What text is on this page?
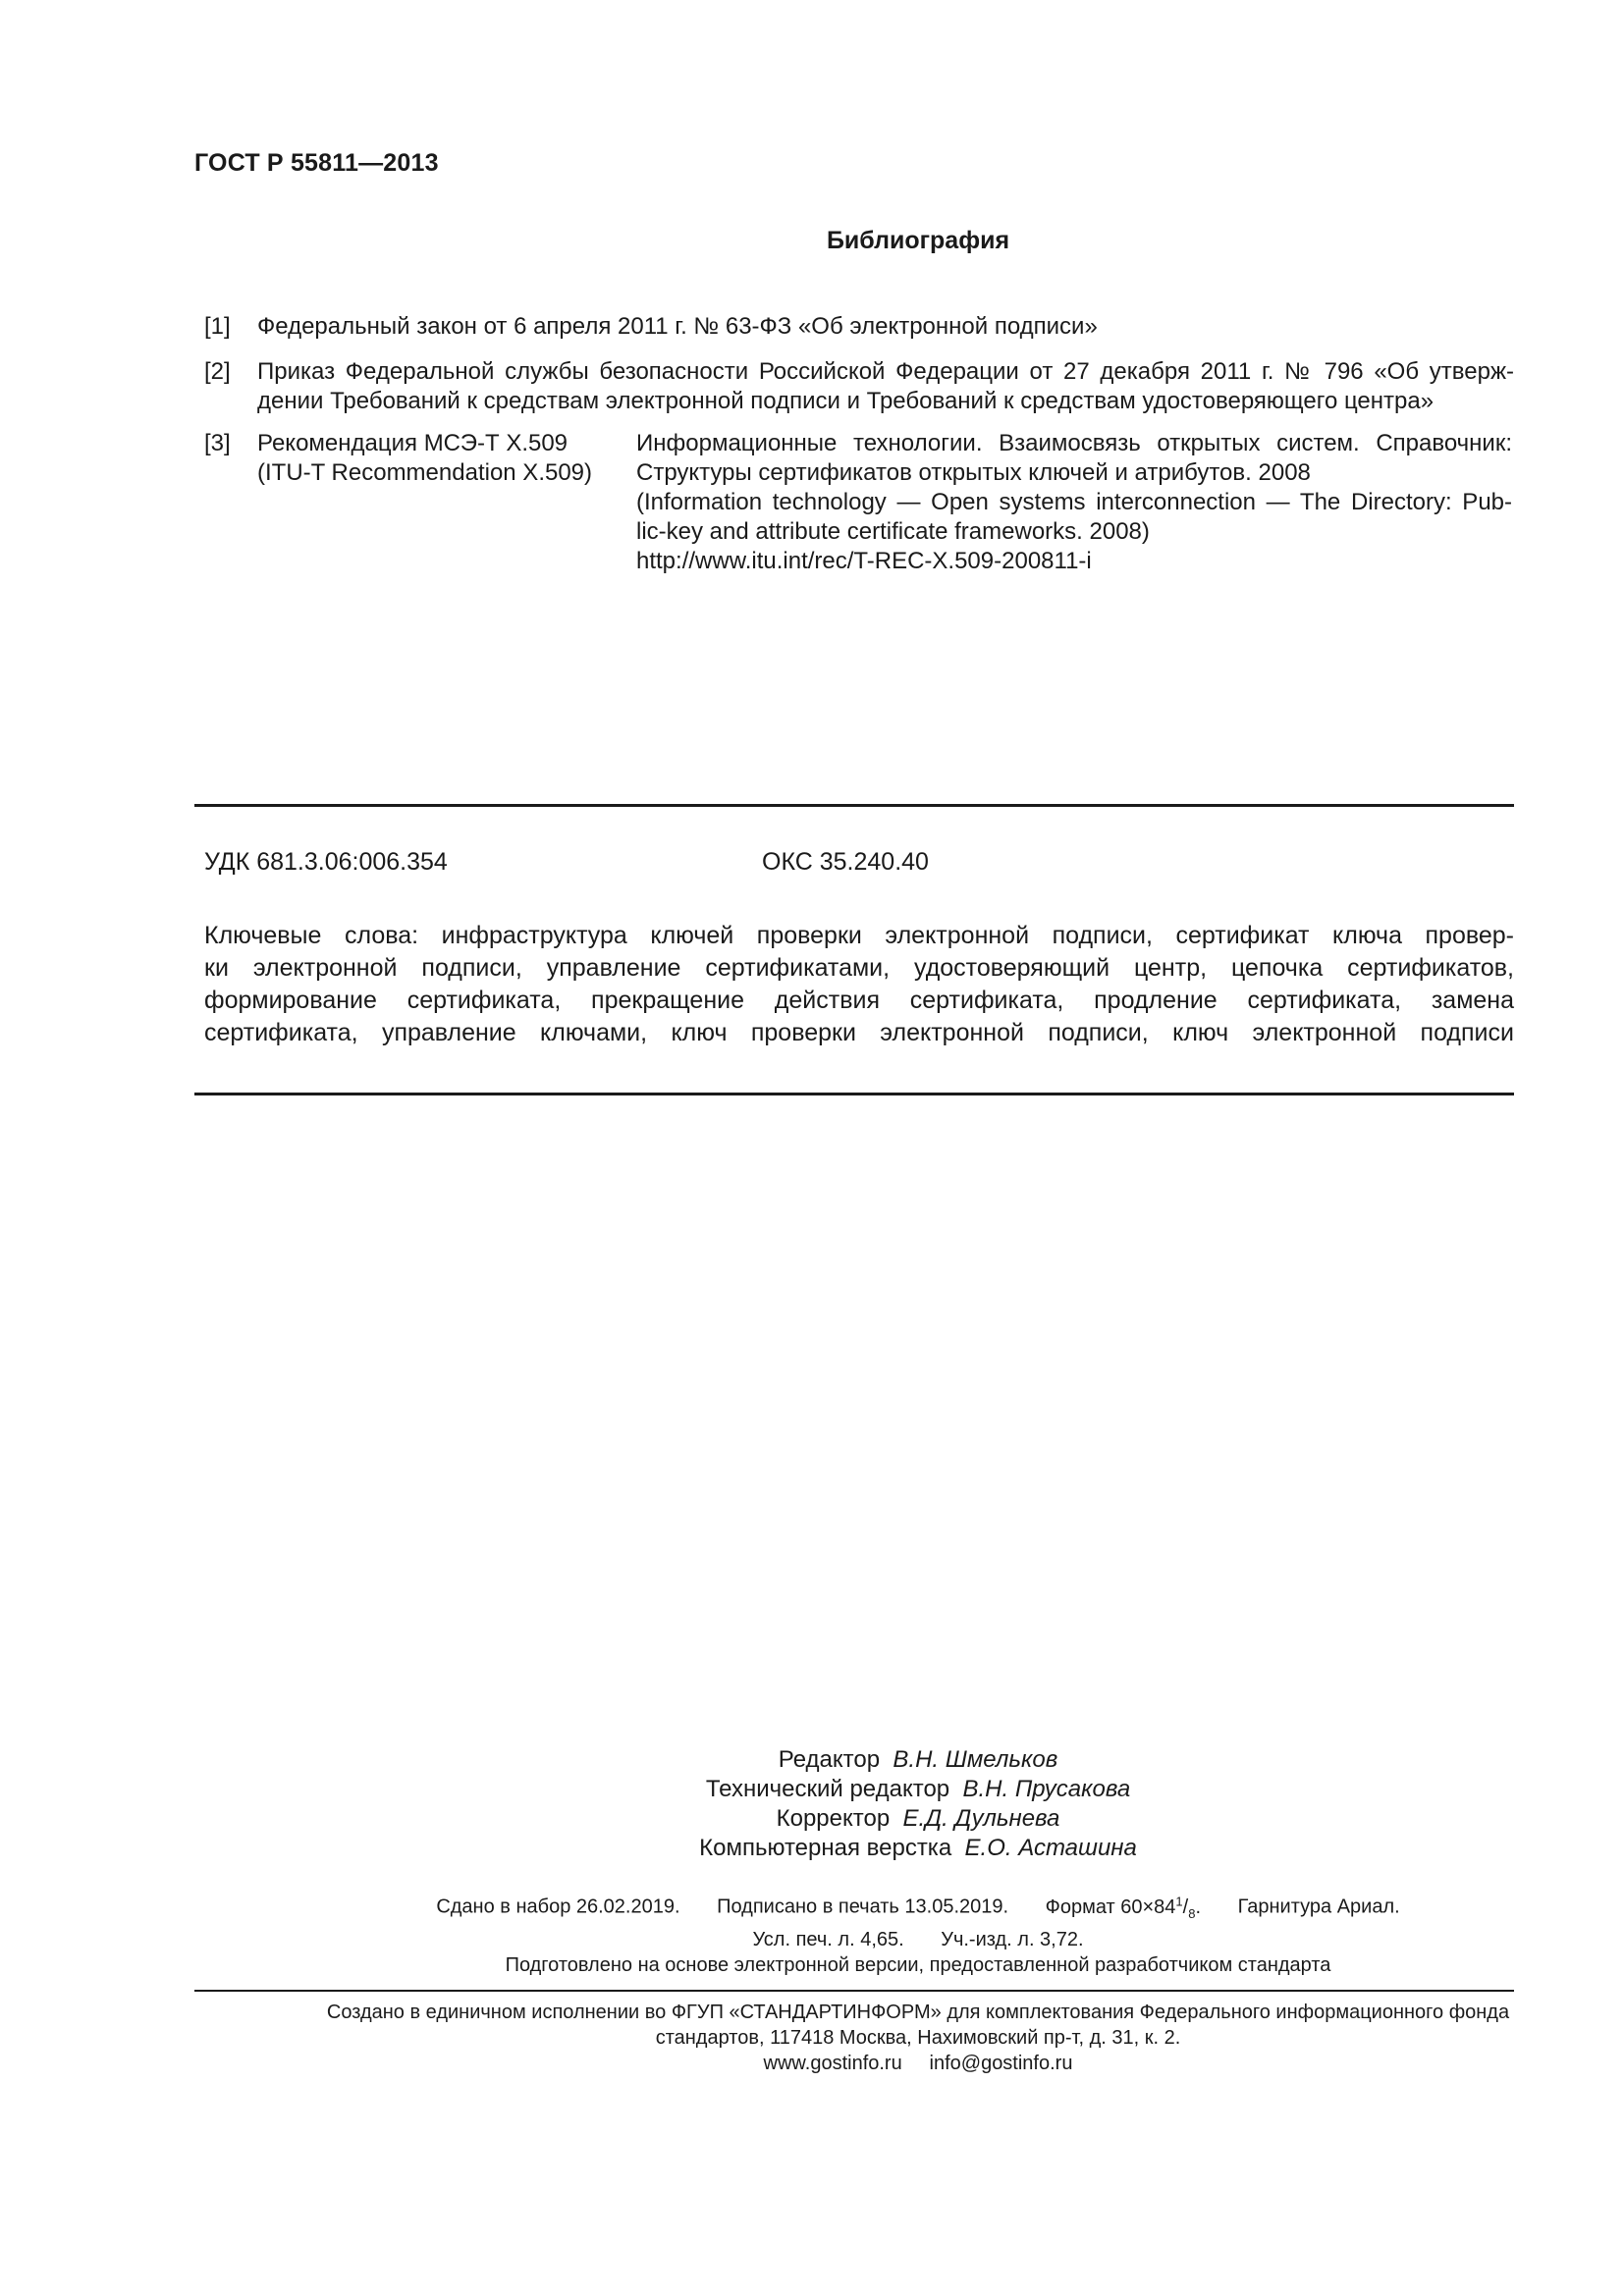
ГОСТ Р 55811—2013
Библиография
[1] Федеральный закон от 6 апреля 2011 г. № 63-ФЗ «Об электронной подписи»
[2] Приказ Федеральной службы безопасности Российской Федерации от 27 декабря 2011 г. № 796 «Об утверж-
дении Требований к средствам электронной подписи и Требований к средствам удостоверяющего центра»
[3] Рекомендация МСЭ-Т Х.509
(ITU-T Recommendation X.509)
Информационные технологии. Взаимосвязь открытых систем. Справочник:
Структуры сертификатов открытых ключей и атрибутов. 2008
(Information technology — Open systems interconnection — The Directory: Pub-
lic-key and attribute certificate frameworks. 2008)
http://www.itu.int/rec/T-REC-X.509-200811-i
УДК 681.3.06:006.354	ОКС 35.240.40
Ключевые слова: инфраструктура ключей проверки электронной подписи, сертификат ключа провер-
ки электронной подписи, управление сертификатами, удостоверяющий центр, цепочка сертификатов,
формирование сертификата, прекращение действия сертификата, продление сертификата, замена
сертификата, управление ключами, ключ проверки электронной подписи, ключ электронной подписи
Редактор В.Н. Шмельков
Технический редактор В.Н. Прусакова
Корректор Е.Д. Дульнева
Компьютерная верстка Е.О. Асташина
Сдано в набор 26.02.2019. Подписано в печать 13.05.2019. Формат $60\times 84^1/_8$. Гарнитура Ариал.
Усл. печ. л. 4,65. Уч.-изд. л. 3,72.
Подготовлено на основе электронной версии, предоставленной разработчиком стандарта
Создано в единичном исполнении во ФГУП «СТАНДАРТИНФОРМ» для комплектования Федерального информационного фонда
стандартов, 117418 Москва, Нахимовский пр-т, д. 31, к. 2.
www.gostinfo.ru info@gostinfo.ru
